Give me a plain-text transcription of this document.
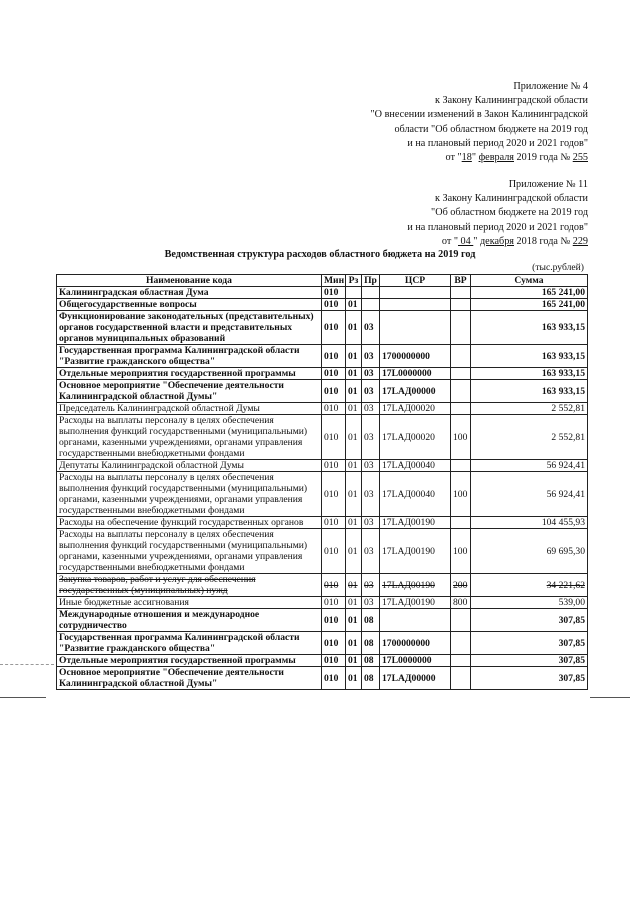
Приложение № 4
к Закону Калининградской области
"О внесении изменений в Закон Калининградской
области "Об областном бюджете на 2019 год
и на плановый период 2020 и 2021 годов"
от "18" февраля 2019 года № 255
Приложение № 11
к Закону Калининградской области
"Об областном бюджете на 2019 год
и на плановый период 2020 и 2021 годов"
от " 04 " декабря 2018 года № 229
Ведомственная структура расходов областного бюджета на 2019 год
(тыс.рублей)
Наименование кода	Мин	Рз	Пр	ЦСР	ВР	Сумма
Калининградская областная Дума	010					165 241,00
Общегосударственные вопросы	010	01				165 241,00
Функционирование законодательных (представительных) органов государственной власти и представительных органов муниципальных образований	010	01	03			163 933,15
Государственная программа Калининградской области "Развитие гражданского общества"	010	01	03	1700000000		163 933,15
Отдельные мероприятия государственной программы	010	01	03	17L0000000		163 933,15
Основное мероприятие "Обеспечение деятельности Калининградской областной Думы"	010	01	03	17LАД00000		163 933,15
Председатель Калининградской областной Думы	010	01	03	17LАД00020		2 552,81
Расходы на выплаты персоналу в целях обеспечения выполнения функций государственными (муниципальными) органами, казенными учреждениями, органами управления государственными внебюджетными фондами	010	01	03	17LАД00020	100	2 552,81
Депутаты Калининградской областной Думы	010	01	03	17LАД00040		56 924,41
Расходы на выплаты персоналу в целях обеспечения выполнения функций государственными (муниципальными) органами, казенными учреждениями, органами управления государственными внебюджетными фондами	010	01	03	17LАД00040	100	56 924,41
Расходы на обеспечение функций государственных органов	010	01	03	17LАД00190		104 455,93
Расходы на выплаты персоналу в целях обеспечения выполнения функций государственными (муниципальными) органами, казенными учреждениями, органами управления государственными внебюджетными фондами	010	01	03	17LАД00190	100	69 695,30
Закупка товаров, работ и услуг для обеспечения государственных (муниципальных) нужд	010	01	03	17LАД00190	200	34 221,62
Иные бюджетные ассигнования	010	01	03	17LАД00190	800	539,00
Международные отношения и международное сотрудничество	010	01	08			307,85
Государственная программа Калининградской области "Развитие гражданского общества"	010	01	08	1700000000		307,85
Отдельные мероприятия государственной программы	010	01	08	17L0000000		307,85
Основное мероприятие "Обеспечение деятельности Калининградской областной Думы"	010	01	08	17LАД00000		307,85
